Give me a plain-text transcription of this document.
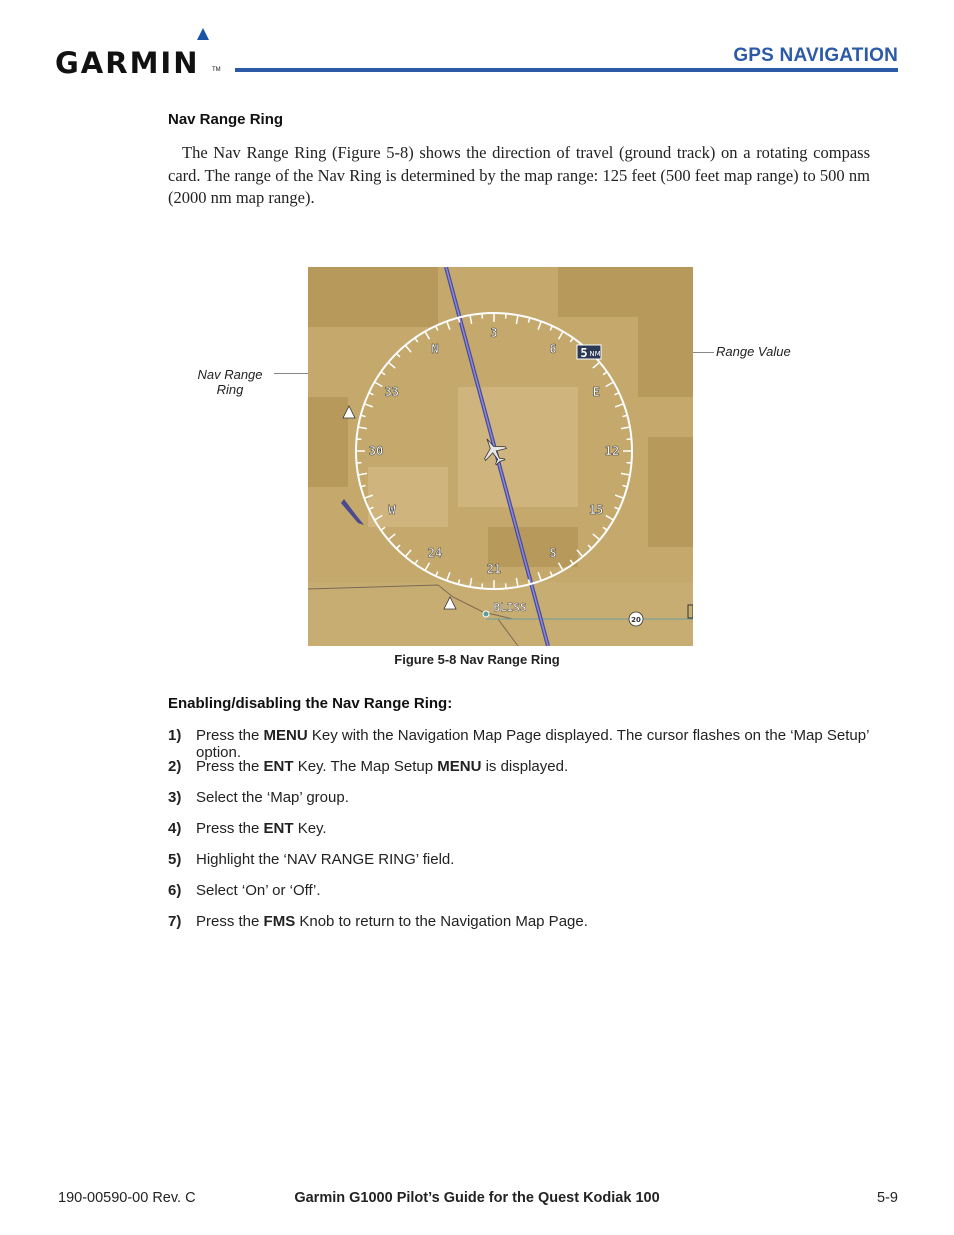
GARMIN TM
GPS NAVIGATION
Nav Range Ring
The Nav Range Ring (Figure 5-8) shows the direction of travel (ground track) on a rotating compass card. The range of the Nav Ring is determined by the map range: 125 feet (500 feet map range) to 500 nm (2000 nm map range).
Nav Range Ring
Range Value
33
N
3
6
E
12
15
S
21
24
W
30
5 NM
BLISS
20
Figure 5-8 Nav Range Ring
Enabling/disabling the Nav Range Ring:
1) Press the MENU Key with the Navigation Map Page displayed. The cursor flashes on the ‘Map Setup’ option.
2) Press the ENT Key. The Map Setup MENU is displayed.
3) Select the ‘Map’ group.
4) Press the ENT Key.
5) Highlight the ‘NAV RANGE RING’ field.
6) Select ‘On’ or ‘Off’.
7) Press the FMS Knob to return to the Navigation Map Page.
190-00590-00 Rev. C	Garmin G1000 Pilot’s Guide for the Quest Kodiak 100	5-9
